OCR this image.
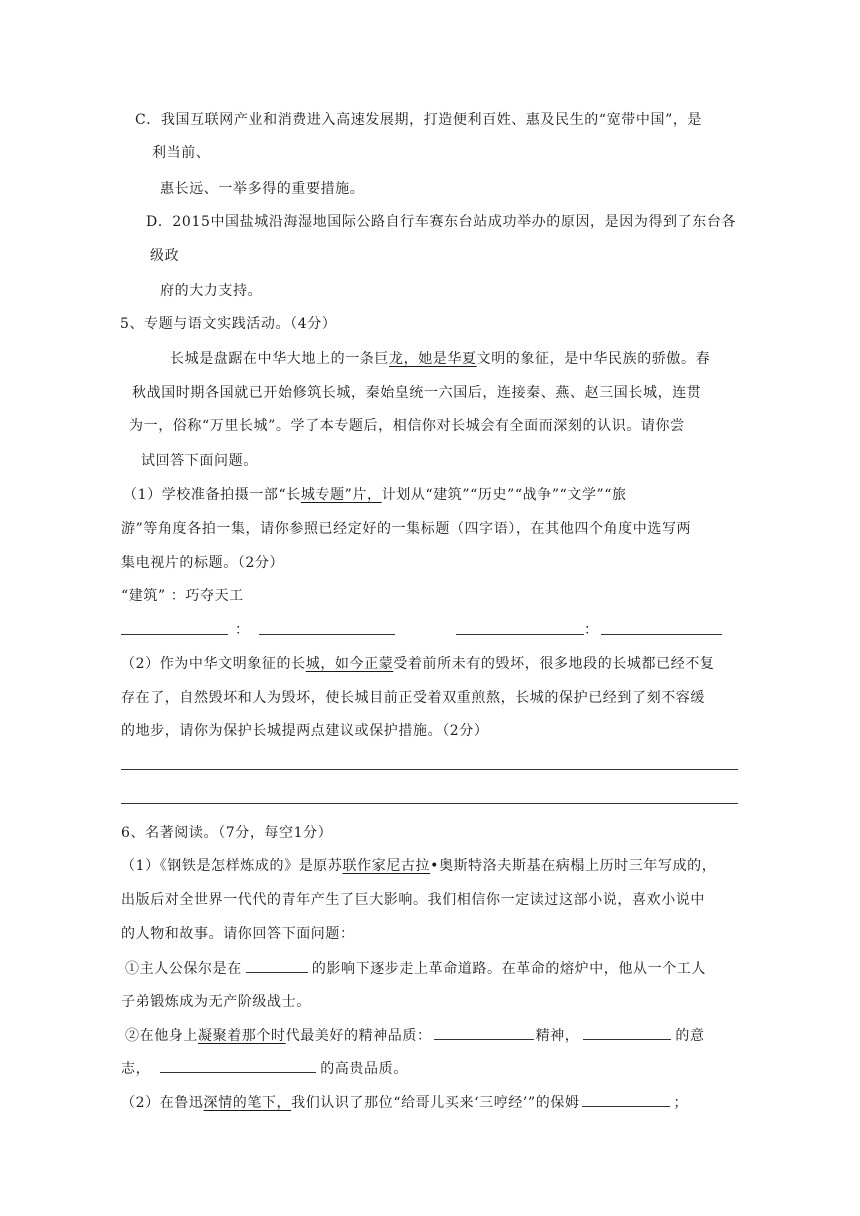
C．我国互联网产业和消费进入高速发展期，打造便利百姓、惠及民生的“宽带中国”，是
利当前、
惠长远、一举多得的重要措施。
D．2015中国盐城沿海湿地国际公路自行车赛东台站成功举办的原因，是因为得到了东台各
级政
府的大力支持。
5、专题与语文实践活动。（4分）
长城是盘踞在中华大地上的一条巨龙，她是华夏文明的象征，是中华民族的骄傲。春
秋战国时期各国就已开始修筑长城，秦始皇统一六国后，连接秦、燕、赵三国长城，连贯
为一，俗称“万里长城”。学了本专题后，相信你对长城会有全面而深刻的认识。请你尝
试回答下面问题。
（1）学校准备拍摄一部“长城专题”片，计划从“建筑”“历史”“战争”“文学”“旅
游”等角度各拍一集，请你参照已经定好的一集标题（四字语），在其他四个角度中选写两
集电视片的标题。（2分）
“建筑” ：巧夺天工
：	：
（2）作为中华文明象征的长城，如今正蒙受着前所未有的毁坏，很多地段的长城都已经不复
存在了，自然毁坏和人为毁坏，使长城目前正受着双重煎熬，长城的保护已经到了刻不容缓
的地步，请你为保护长城提两点建议或保护措施。（2分）
6、名著阅读。（7分，每空1分）
（1）《钢铁是怎样炼成的》是原苏联作家尼古拉•奥斯特洛夫斯基在病榻上历时三年写成的，
出版后对全世界一代代的青年产生了巨大影响。我们相信你一定读过这部小说，喜欢小说中
的人物和故事。请你回答下面问题：
①主人公保尔是在	的影响下逐步走上革命道路。在革命的熔炉中，他从一个工人
子弟锻炼成为无产阶级战士。
②在他身上凝聚着那个时代最美好的精神品质：	精神，	的意
志，	的高贵品质。
（2）在鲁迅深情的笔下，我们认识了那位“给哥儿买来‘三哼经’”的保姆	；
